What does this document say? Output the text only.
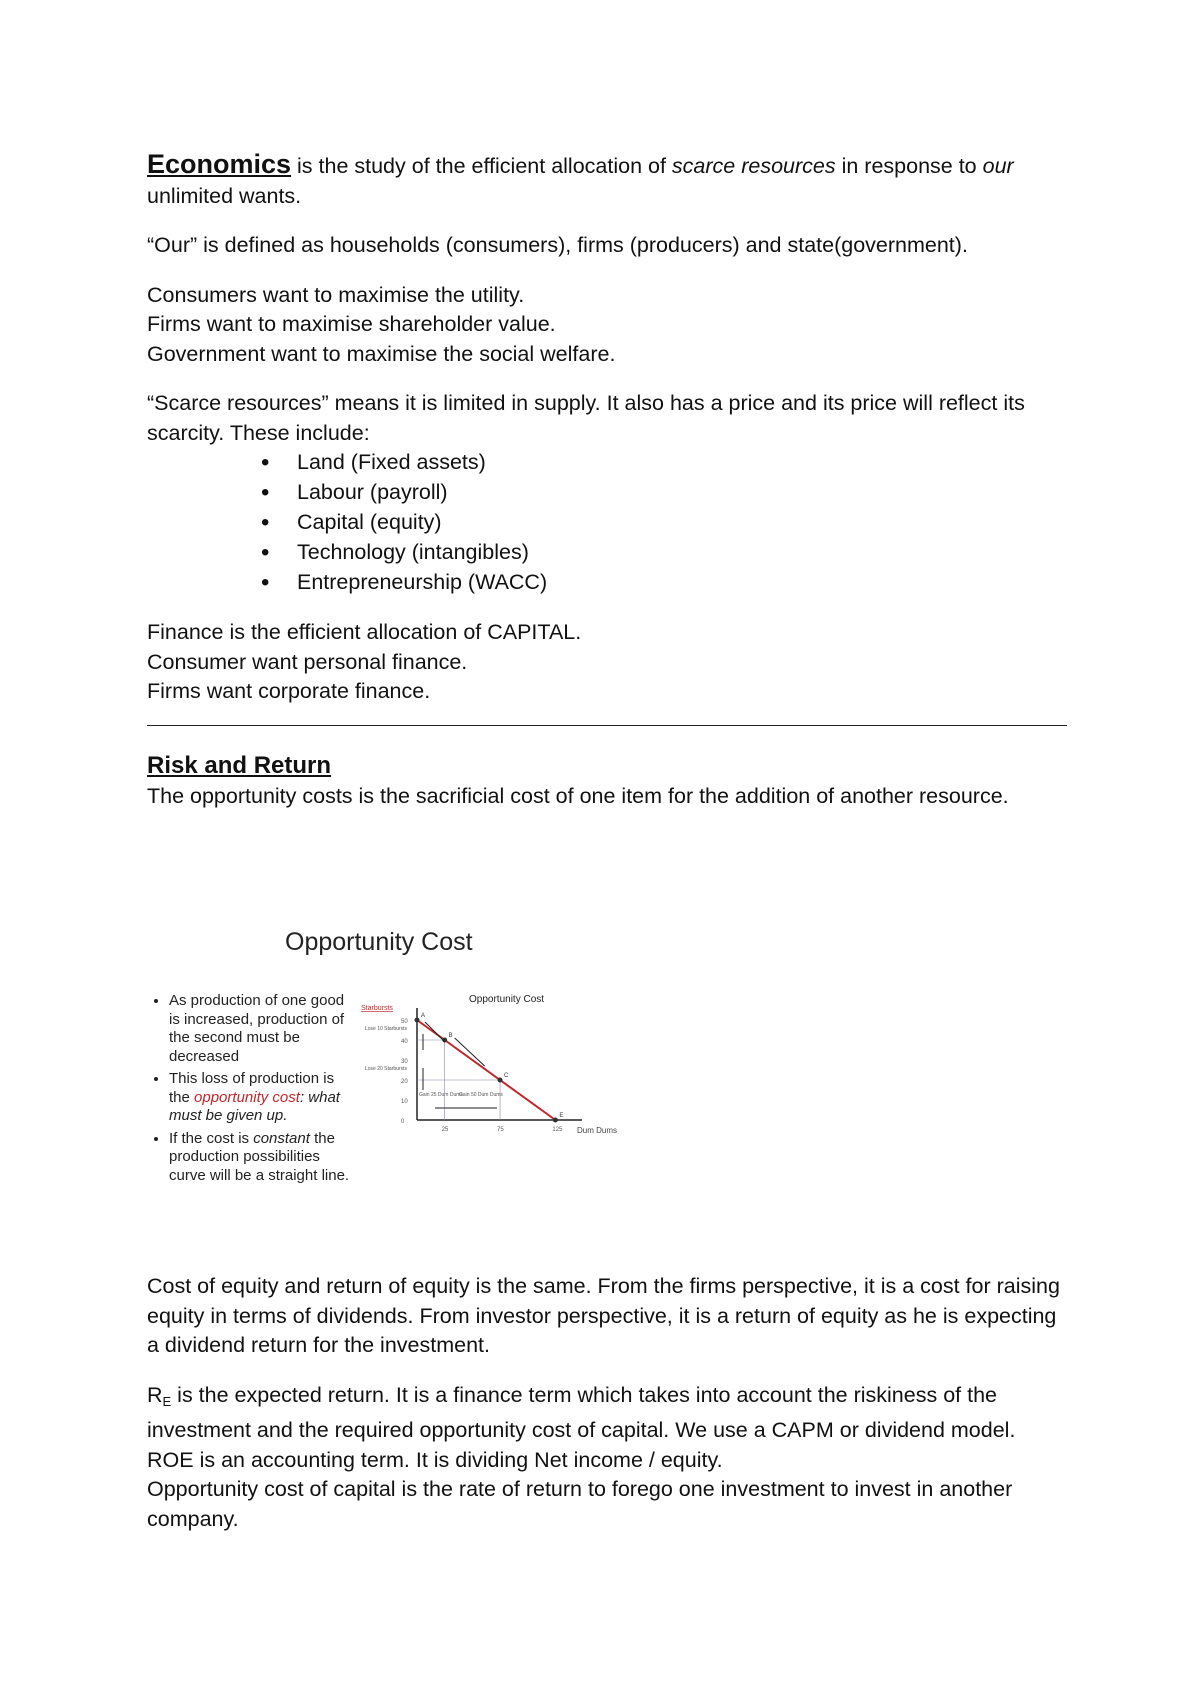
Economics is the study of the efficient allocation of scarce resources in response to our unlimited wants.

“Our” is defined as households (consumers), firms (producers) and state(government).

Consumers want to maximise the utility.

Firms want to maximise shareholder value.

Government want to maximise the social welfare.

“Scarce resources” means it is limited in supply. It also has a price and its price will reflect its scarcity. These include:

• Land (Fixed assets)
• Labour (payroll)
• Capital (equity)
• Technology (intangibles)
• Entrepreneurship (WACC)

Finance is the efficient allocation of CAPITAL.

Consumer want personal finance.

Firms want corporate finance.

Risk and Return

The opportunity costs is the sacrificial cost of one item for the addition of another resource.

Opportunity Cost
• As production of one good is increased, production of the second must be decreased
• This loss of production is the opportunity cost: what must be given up.
• If the cost is constant the production possibilities curve will be a straight line.
Opportunity Cost
Starbursts
Dum Dums
50
40
30
20
10
0
25	75	125
A
B
C
E
Lose 10 Starbursts
Lose 20 Starbursts
Gain 25 Dum Dums
Gain 50 Dum Dums

Cost of equity and return of equity is the same. From the firms perspective, it is a cost for raising equity in terms of dividends. From investor perspective, it is a return of equity as he is expecting a dividend return for the investment.

$R_E$ is the expected return. It is a finance term which takes into account the riskiness of the investment and the required opportunity cost of capital. We use a CAPM or dividend model.

ROE is an accounting term. It is dividing Net income / equity.

Opportunity cost of capital is the rate of return to forego one investment to invest in another company.
